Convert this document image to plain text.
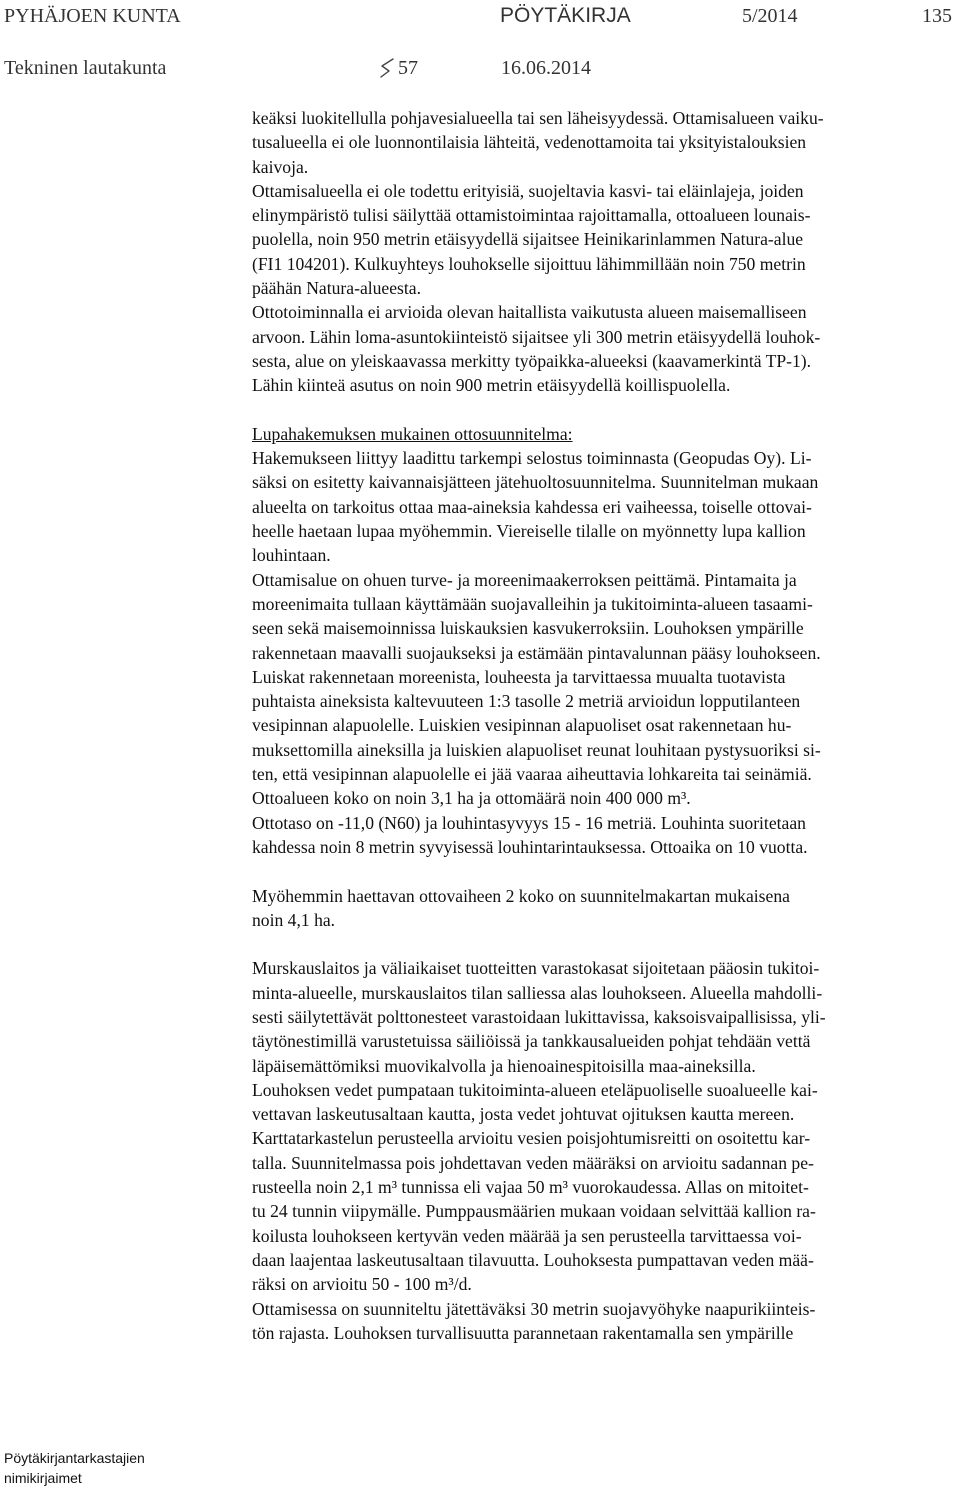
PYHÄJOEN KUNTA	PÖYTÄKIRJA	5/2014	135
Tekninen lautakunta	57	16.06.2014

keäksi luokitellulla pohjavesialueella tai sen läheisyydessä. Ottamisalueen vaiku-
tusalueella ei ole luonnontilaisia lähteitä, vedenottamoita tai yksityistalouksien
kaivoja.

Ottamisalueella ei ole todettu erityisiä, suojeltavia kasvi- tai eläinlajeja, joiden
elinympäristö tulisi säilyttää ottamistoimintaa rajoittamalla, ottoalueen lounais-
puolella, noin 950 metrin etäisyydellä sijaitsee Heinikarinlammen Natura-alue
(FI1 104201). Kulkuyhteys louhokselle sijoittuu lähimmillään noin 750 metrin
päähän Natura-alueesta.

Ottotoiminnalla ei arvioida olevan haitallista vaikutusta alueen maisemalliseen
arvoon. Lähin loma-asuntokiinteistö sijaitsee yli 300 metrin etäisyydellä louhok-
sesta, alue on yleiskaavassa merkitty työpaikka-alueeksi (kaavamerkintä TP-1).
Lähin kiinteä asutus on noin 900 metrin etäisyydellä koillispuolella.

Lupahakemuksen mukainen ottosuunnitelma:

Hakemukseen liittyy laadittu tarkempi selostus toiminnasta (Geopudas Oy). Li-
säksi on esitetty kaivannaisjätteen jätehuoltosuunnitelma. Suunnitelman mukaan
alueelta on tarkoitus ottaa maa-aineksia kahdessa eri vaiheessa, toiselle ottovai-
heelle haetaan lupaa myöhemmin. Viereiselle tilalle on myönnetty lupa kallion
louhintaan.

Ottamisalue on ohuen turve- ja moreenimaakerroksen peittämä. Pintamaita ja
moreenimaita tullaan käyttämään suojavalleihin ja tukitoiminta-alueen tasaami-
seen sekä maisemoinnissa luiskauksien kasvukerroksiin. Louhoksen ympärille
rakennetaan maavalli suojaukseksi ja estämään pintavalunnan pääsy louhokseen.
Luiskat rakennetaan moreenista, louheesta ja tarvittaessa muualta tuotavista
puhtaista aineksista kaltevuuteen 1:3 tasolle 2 metriä arvioidun lopputilanteen
vesipinnan alapuolelle. Luiskien vesipinnan alapuoliset osat rakennetaan hu-
muksettomilla aineksilla ja luiskien alapuoliset reunat louhitaan pystysuoriksi si-
ten, että vesipinnan alapuolelle ei jää vaaraa aiheuttavia lohkareita tai seinämiä.

Ottoalueen koko on noin 3,1 ha ja ottomäärä noin 400 000 m³.
Ottotaso on -11,0 (N60) ja louhintasyvyys 15 - 16 metriä. Louhinta suoritetaan
kahdessa noin 8 metrin syvyisessä louhintarintauksessa. Ottoaika on 10 vuotta.

Myöhemmin haettavan ottovaiheen 2 koko on suunnitelmakartan mukaisena
noin 4,1 ha.

Murskauslaitos ja väliaikaiset tuotteitten varastokasat sijoitetaan pääosin tukitoi-
minta-alueelle, murskauslaitos tilan salliessa alas louhokseen. Alueella mahdolli-
sesti säilytettävät polttonesteet varastoidaan lukittavissa, kaksoisvaipallisissa, yli-
täytönestimillä varustetuissa säiliöissä ja tankkausalueiden pohjat tehdään vettä
läpäisemättömiksi muovikalvolla ja hienoainespitoisilla maa-aineksilla.

Louhoksen vedet pumpataan tukitoiminta-alueen eteläpuoliselle suoalueelle kai-
vettavan laskeutusaltaan kautta, josta vedet johtuvat ojituksen kautta mereen.
Karttatarkastelun perusteella arvioitu vesien poisjohtumisreitti on osoitettu kar-
talla. Suunnitelmassa pois johdettavan veden määräksi on arvioitu sadannan pe-
rusteella noin 2,1 m³ tunnissa eli vajaa 50 m³ vuorokaudessa. Allas on mitoitet-
tu 24 tunnin viipymälle. Pumppausmäärien mukaan voidaan selvittää kallion ra-
koilusta louhokseen kertyvän veden määrää ja sen perusteella tarvittaessa voi-
daan laajentaa laskeutusaltaan tilavuutta. Louhoksesta pumpattavan veden mää-
räksi on arvioitu 50 - 100 m³/d.

Ottamisessa on suunniteltu jätettäväksi 30 metrin suojavyöhyke naapurikiinteis-
tön rajasta. Louhoksen turvallisuutta parannetaan rakentamalla sen ympärille

Pöytäkirjantarkastajien nimikirjaimet
